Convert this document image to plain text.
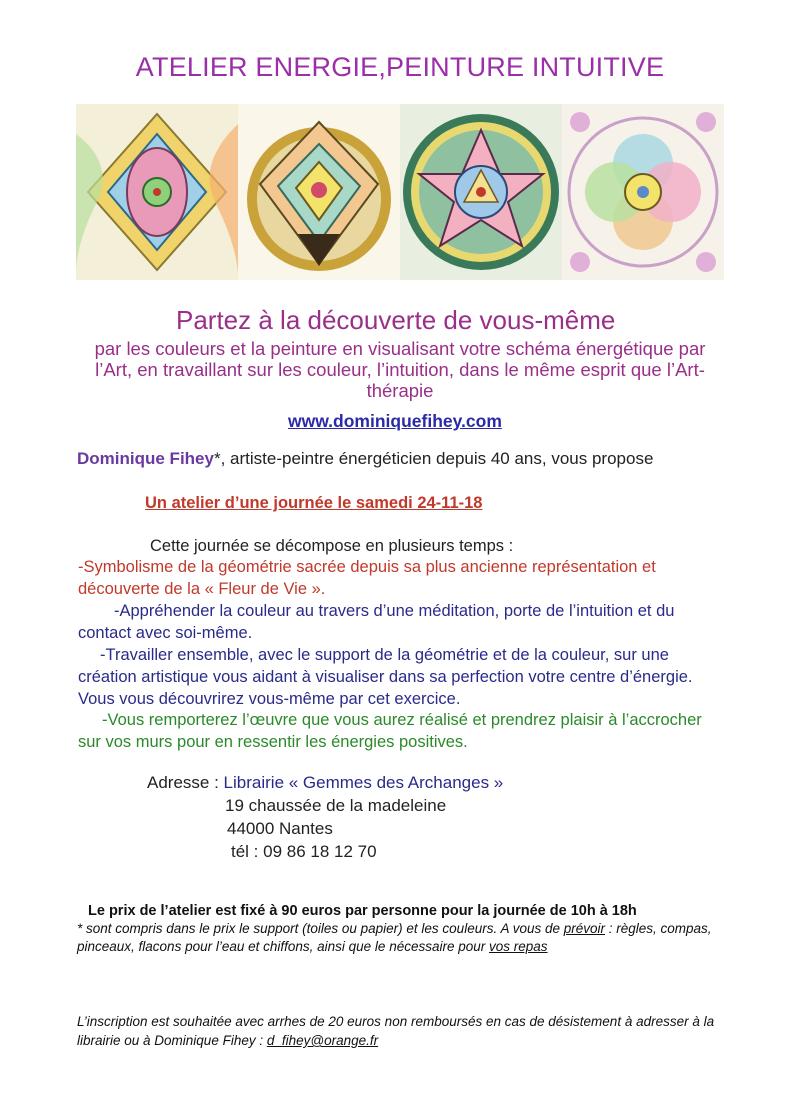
ATELIER ENERGIE,PEINTURE INTUITIVE
Partez à la découverte de vous-même
par les couleurs et la peinture en visualisant votre schéma énergétique par l’Art, en travaillant sur les couleur, l’intuition, dans le même esprit que l’Art-thérapie
www.dominiquefihey.com
Dominique Fihey*, artiste-peintre énergéticien depuis 40 ans, vous propose
Un atelier d’une journée le samedi 24-11-18
Cette journée se décompose en plusieurs temps :
-Symbolisme de la géométrie sacrée depuis sa plus ancienne représentation et découverte de la « Fleur de Vie ».
-Appréhender la couleur au travers d’une méditation, porte de l’intuition et du contact avec soi-même.
-Travailler ensemble, avec le support de la géométrie et de la couleur, sur une création artistique vous aidant à visualiser dans sa perfection votre centre d’énergie. Vous vous découvrirez vous-même par cet exercice.
-Vous remporterez l’œuvre que vous aurez réalisé et prendrez plaisir à l’accrocher sur vos murs pour en ressentir les énergies positives.
Adresse : Librairie « Gemmes des Archanges »
19 chaussée de la madeleine
44000 Nantes
tél : 09 86 18 12 70
Le prix de l’atelier est fixé à 90 euros par personne pour la journée de 10h à 18h
* sont compris dans le prix le support (toiles ou papier) et les couleurs. A vous de prévoir : règles, compas, pinceaux, flacons pour l’eau et chiffons, ainsi que le nécessaire pour vos repas
L’inscription est souhaitée avec arrhes de 20 euros non remboursés en cas de désistement à adresser à la librairie ou à Dominique Fihey : d_fihey@orange.fr
